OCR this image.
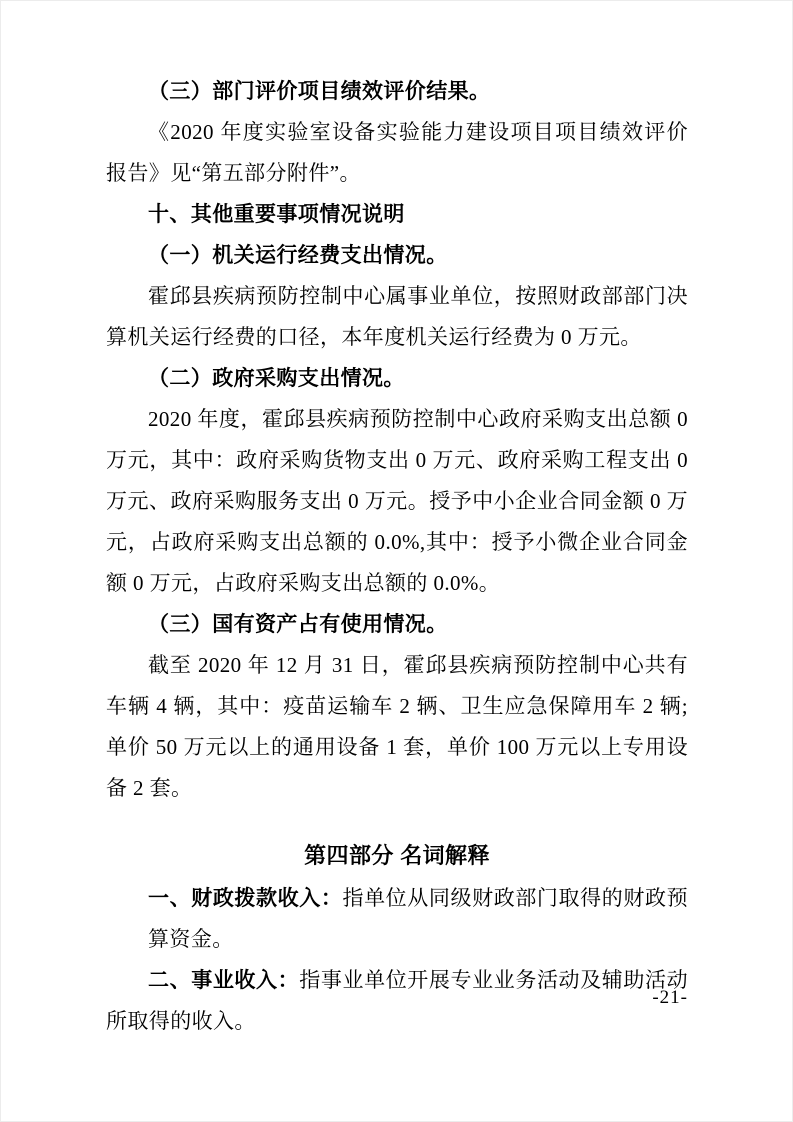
（三）部门评价项目绩效评价结果。

《2020 年度实验室设备实验能力建设项目项目绩效评价报告》见“第五部分附件”。

十、其他重要事项情况说明

（一）机关运行经费支出情况。

霍邱县疾病预防控制中心属事业单位，按照财政部部门决算机关运行经费的口径，本年度机关运行经费为 0 万元。

（二）政府采购支出情况。

2020 年度，霍邱县疾病预防控制中心政府采购支出总额 0 万元，其中：政府采购货物支出 0 万元、政府采购工程支出 0 万元、政府采购服务支出 0 万元。授予中小企业合同金额 0 万元，占政府采购支出总额的 0.0%,其中：授予小微企业合同金额 0 万元，占政府采购支出总额的 0.0%。

（三）国有资产占有使用情况。

截至 2020 年 12 月 31 日，霍邱县疾病预防控制中心共有车辆 4 辆，其中：疫苗运输车 2 辆、卫生应急保障用车 2 辆;单价 50 万元以上的通用设备 1 套，单价 100 万元以上专用设备 2 套。

第四部分 名词解释

一、财政拨款收入：指单位从同级财政部门取得的财政预算资金。

二、事业收入：指事业单位开展专业业务活动及辅助活动所取得的收入。

-21-
